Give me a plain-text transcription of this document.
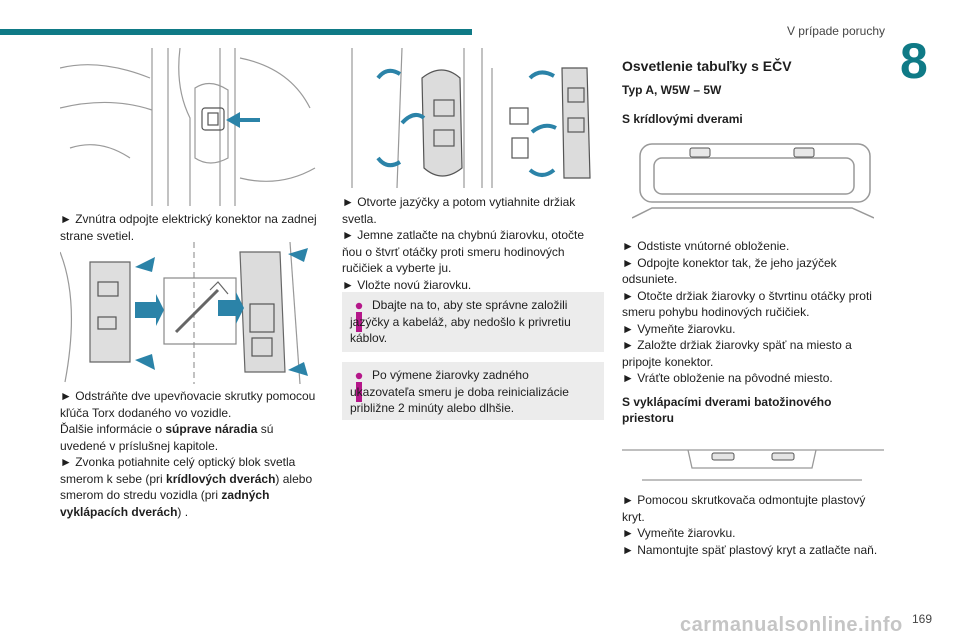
V prípade poruchy
8
► Zvnútra odpojte elektrický konektor na zadnej strane svetiel.

► Odstráňte dve upevňovacie skrutky pomocou kľúča Torx dodaného vo vozidle.

Ďalšie informácie o súprave náradia sú uvedené v príslušnej kapitole.

► Zvonka potiahnite celý optický blok svetla smerom k sebe (pri krídlových dverách) alebo smerom do stredu vozidla (pri zadných vyklápacích dverách) .

► Otvorte jazýčky a potom vytiahnite držiak svetla.

► Jemne zatlačte na chybnú žiarovku, otočte ňou o štvrť otáčky proti smeru hodinových ručičiek a vyberte ju.

► Vložte novú žiarovku.

Dbajte na to, aby ste správne založili jazýčky a kabeláž, aby nedošlo k privretiu káblov.
Po výmene žiarovky zadného ukazovateľa smeru je doba reinicializácie približne 2 minúty alebo dlhšie.
Osvetlenie tabuľky s EČV
Typ A, W5W – 5W
S krídlovými dverami

► Odstiste vnútorné obloženie.

► Odpojte konektor tak, že jeho jazýček odsuniete.

► Otočte držiak žiarovky o štvrtinu otáčky proti smeru pohybu hodinových ručičiek.

► Vymeňte žiarovku.

► Založte držiak žiarovky späť na miesto a pripojte konektor.

► Vráťte obloženie na pôvodné miesto.

S vyklápacími dverami batožinového priestoru

► Pomocou skrutkovača odmontujte plastový kryt.

► Vymeňte žiarovku.

► Namontujte späť plastový kryt a zatlačte naň.

carmanualsonline.info 169
